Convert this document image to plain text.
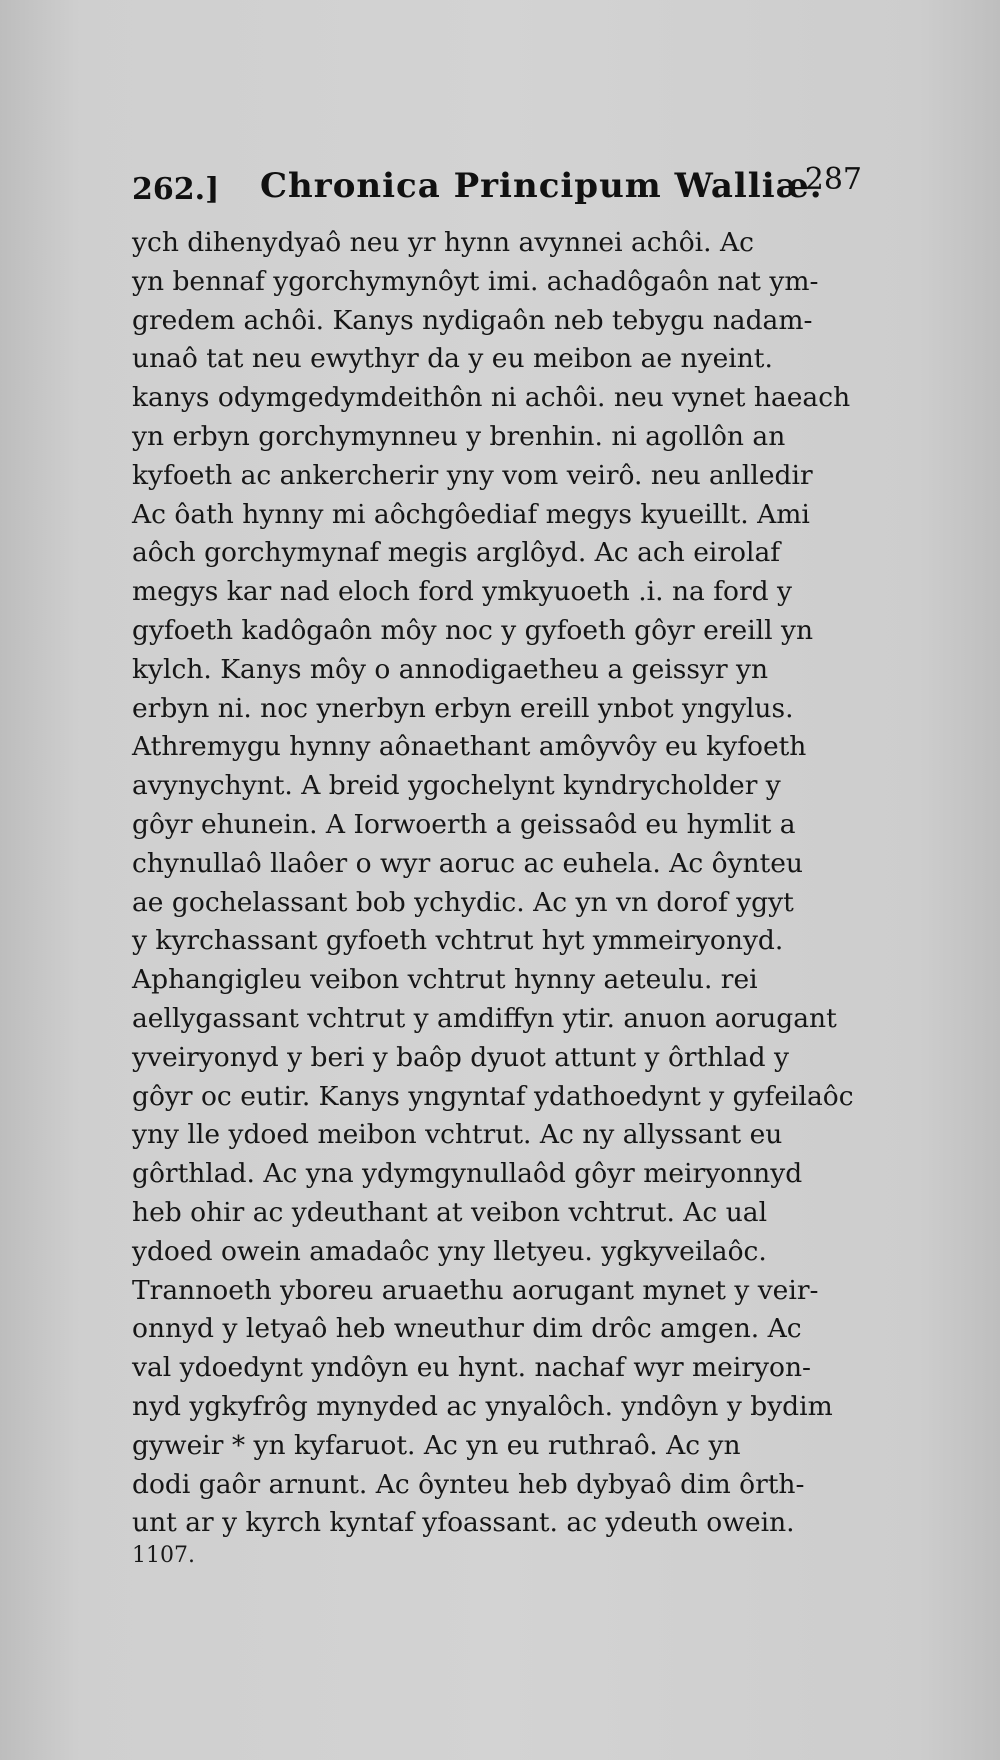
262.] Chronica Principum Walliæ.
287
ych dihenydyaô neu yr hynn avynnei achôi. Ac
yn bennaf ygorchymynôyt imi. achadôgaôn nat ym-
gredem achôi. Kanys nydigaôn neb tebygu nadam-
unaô tat neu ewythyr da y eu meibon ae nyeint.
kanys odymgedymdeithôn ni achôi. neu vynet haeach
yn erbyn gorchymynneu y brenhin. ni agollôn an
kyfoeth ac ankercherir yny vom veirô. neu anlledir
Ac ôath hynny mi aôchgôediaf megys kyueillt. Ami
aôch gorchymynaf megis arglôyd. Ac ach eirolaf
megys kar nad eloch ford ymkyuoeth .i. na ford y
gyfoeth kadôgaôn môy noc y gyfoeth gôyr ereill yn
kylch. Kanys môy o annodigaetheu a geissyr yn
erbyn ni. noc ynerbyn erbyn ereill ynbot yngylus.
Athremygu hynny aônaethant amôyvôy eu kyfoeth
avynychynt. A breid ygochelynt kyndrycholder y
gôyr ehunein. A Iorwoerth a geissaôd eu hymlit a
chynullaô llaôer o wyr aoruc ac euhela. Ac ôynteu
ae gochelassant bob ychydic. Ac yn vn dorof ygyt
y kyrchassant gyfoeth vchtrut hyt ymmeiryonyd.
Aphangigleu veibon vchtrut hynny aeteulu. rei
aellygassant vchtrut y amdiffyn ytir. anuon aorugant
yveiryonyd y beri y baôp dyuot attunt y ôrthlad y
gôyr oc eutir. Kanys yngyntaf ydathoedynt y gyfeilaôc
yny lle ydoed meibon vchtrut. Ac ny allyssant eu
gôrthlad. Ac yna ydymgynullaôd gôyr meiryonnyd
heb ohir ac ydeuthant at veibon vchtrut. Ac ual
ydoed owein amadaôc yny lletyeu. ygkyveilaôc.
Trannoeth yboreu aruaethu aorugant mynet y veir-
onnyd y letyaô heb wneuthur dim drôc amgen. Ac
val ydoedynt yndôyn eu hynt. nachaf wyr meiryon-
nyd ygkyfrôg mynyded ac ynyalôch. yndôyn y bydim
gyweir * yn kyfaruot. Ac yn eu ruthraô. Ac yn
dodi gaôr arnunt. Ac ôynteu heb dybyaô dim ôrth-
unt ar y kyrch kyntaf yfoassant. ac ydeuth owein.
1107.
